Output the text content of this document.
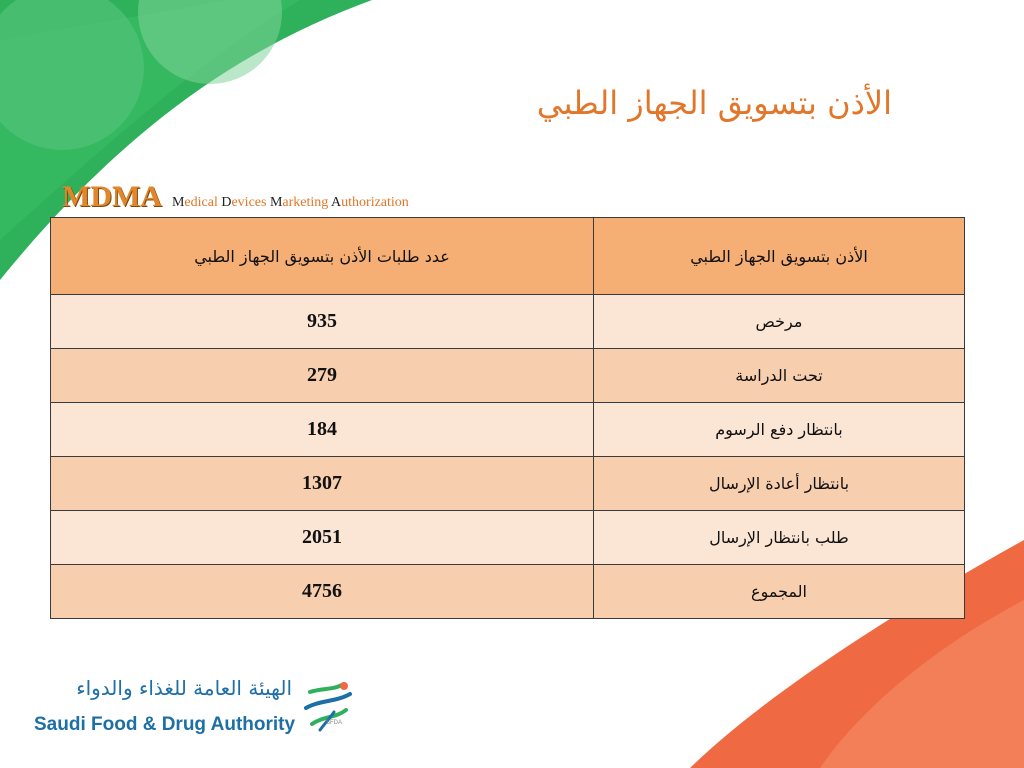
الأذن بتسويق الجهاز الطبي
MDMA Medical Devices Marketing Authorization
الأذن بتسويق الجهاز الطبي	عدد طلبات الأذن بتسويق الجهاز الطبي
مرخص	935
تحت الدراسة	279
بانتظار دفع الرسوم	184
بانتظار أعادة الإرسال	1307
طلب بانتظار الإرسال	2051
المجموع	4756
الهيئة العامة للغذاء والدواء
Saudi Food & Drug Authority	SFDA
